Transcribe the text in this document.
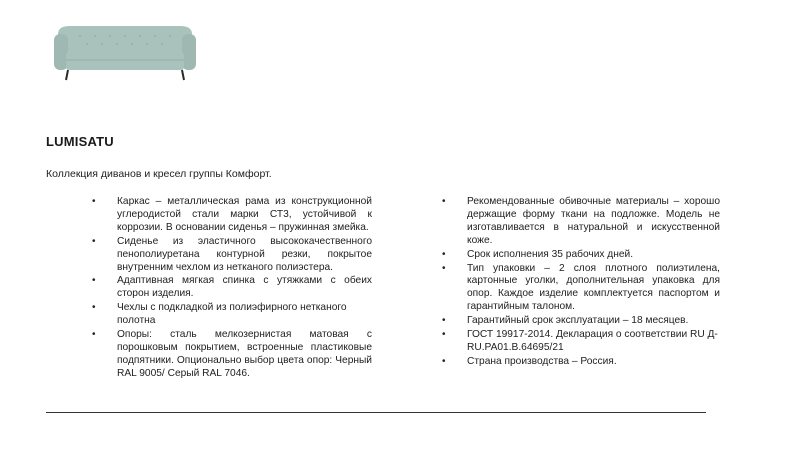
LUMISATU
Коллекция диванов и кресел группы Комфорт.
• Каркас – металлическая рама из конструкционной углеродистой стали марки СТ3, устойчивой к коррозии. В основании сиденья – пружинная змейка.
• Сиденье из эластичного высококачественного пенополиуретана контурной резки, покрытое внутренним чехлом из нетканого полиэстера.
• Адаптивная мягкая спинка с утяжками с обеих сторон изделия.
• Чехлы с подкладкой из полиэфирного нетканого полотна
• Опоры: сталь мелкозернистая матовая с порошковым покрытием, встроенные пластиковые подпятники. Опционально выбор цвета опор: Черный RAL 9005/ Серый RAL 7046.
• Рекомендованные обивочные материалы – хорошо держащие форму ткани на подложке. Модель не изготавливается в натуральной и искусственной коже.
• Срок исполнения 35 рабочих дней.
• Тип упаковки – 2 слоя плотного полиэтилена, картонные уголки, дополнительная упаковка для опор. Каждое изделие комплектуется паспортом и гарантийным талоном.
• Гарантийный срок эксплуатации – 18 месяцев.
• ГОСТ 19917-2014. Декларация о соответствии RU Д-RU.PA01.B.64695/21
• Страна производства – Россия.
